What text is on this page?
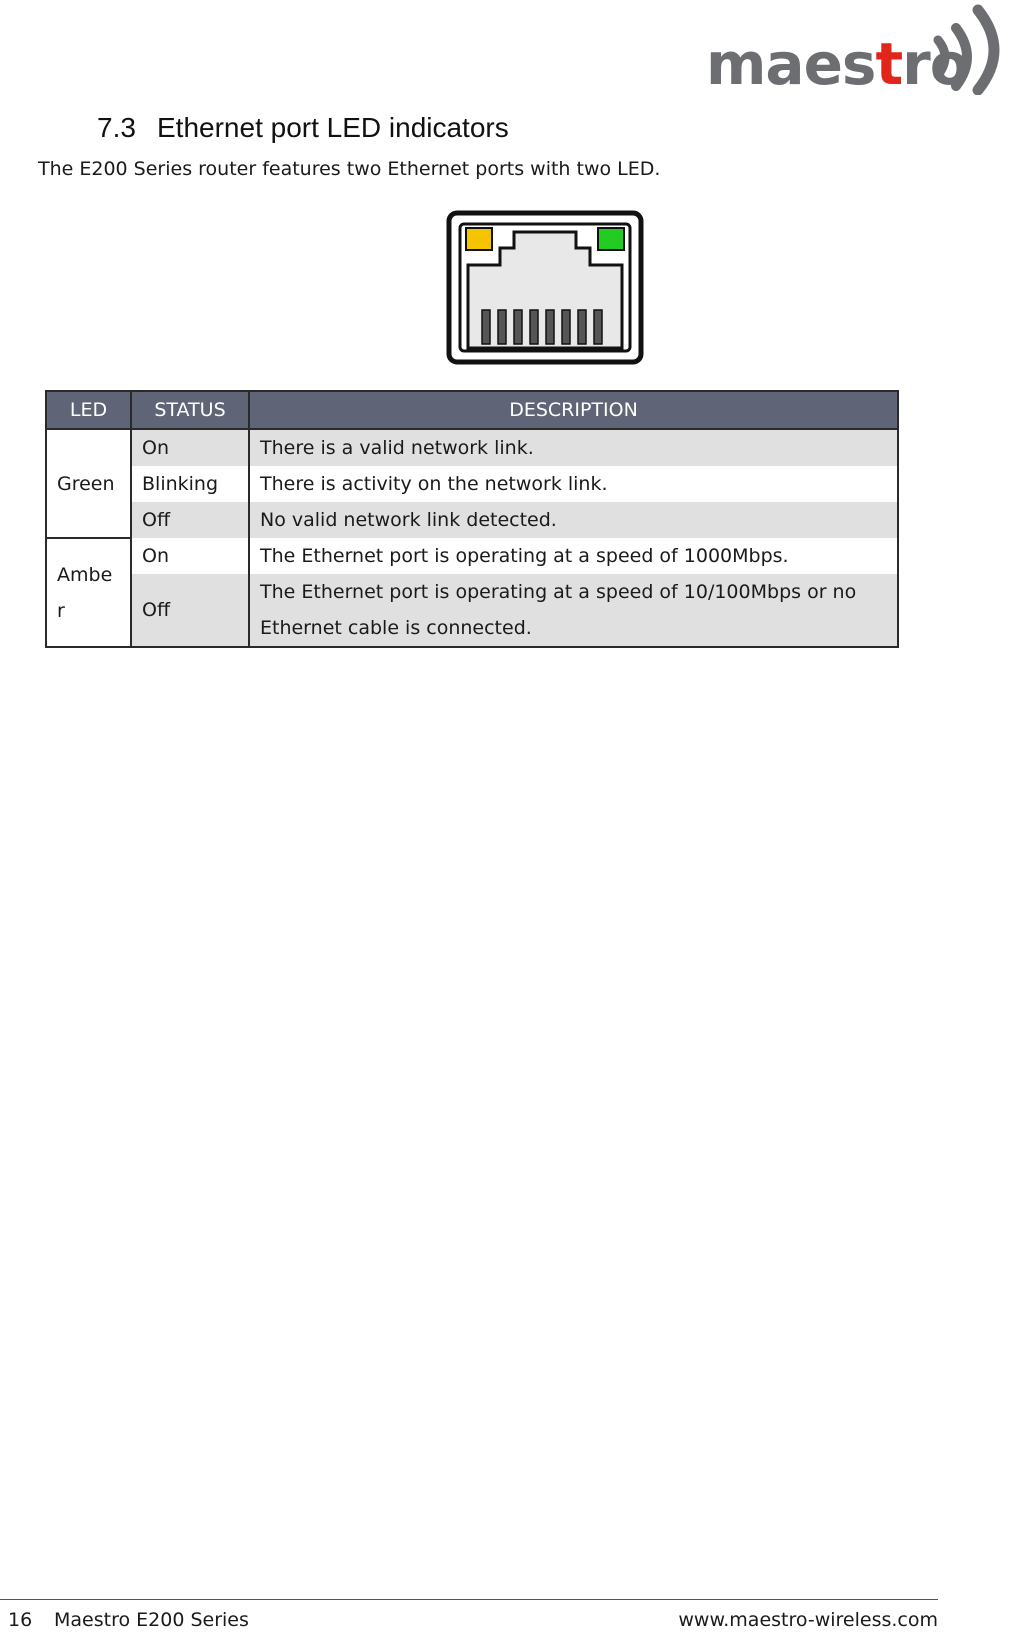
maestro
7.3 Ethernet port LED indicators

The E200 Series router features two Ethernet ports with two LED.

LED	STATUS	DESCRIPTION
Green	On	There is a valid network link.
	Blinking	There is activity on the network link.
	Off	No valid network link detected.
Amber	On	The Ethernet port is operating at a speed of 1000Mbps.
	Off	The Ethernet port is operating at a speed of 10/100Mbps or no Ethernet cable is connected.
16 Maestro E200 Series	www.maestro-wireless.com
